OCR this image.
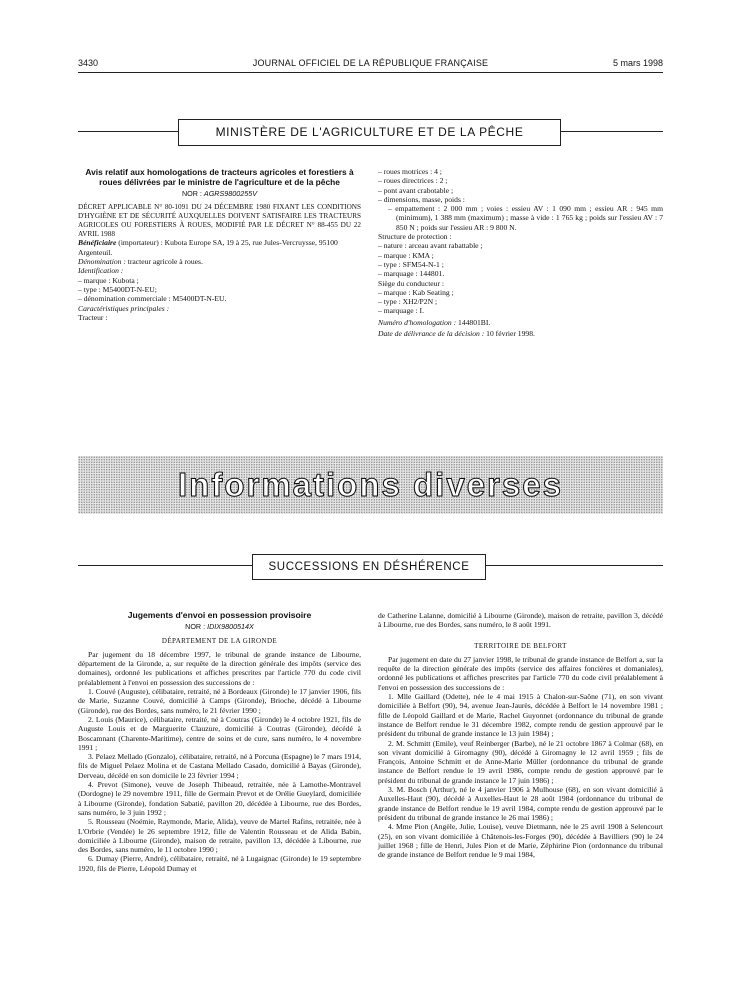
3430	JOURNAL OFFICIEL DE LA RÉPUBLIQUE FRANÇAISE	5 mars 1998
MINISTÈRE DE L'AGRICULTURE ET DE LA PÊCHE
Avis relatif aux homologations de tracteurs agricoles et forestiers à roues délivrées par le ministre de l'agriculture et de la pêche
NOR : AGRS9800255V

DÉCRET APPLICABLE N° 80-1091 DU 24 DÉCEMBRE 1980 FIXANT LES CONDITIONS D'HYGIÈNE ET DE SÉCURITÉ AUXQUELLES DOIVENT SATISFAIRE LES TRACTEURS AGRICOLES OU FORESTIERS À ROUES, MODIFIÉ PAR LE DÉCRET N° 88-455 DU 22 AVRIL 1988

Bénéficiaire (importateur) : Kubota Europe SA, 19 à 25, rue Jules-Vercruysse, 95100 Argenteuil.

Dénomination : tracteur agricole à roues.

Identification :

– marque : Kubota ;

– type : M5400DT-N-EU;

– dénomination commerciale : M5400DT-N-EU.

Caractéristiques principales :

Tracteur :

– roues motrices : 4 ;

– roues directrices : 2 ;

– pont avant crabotable ;

– dimensions, masse, poids :

– empattement : 2 000 mm ; voies : essieu AV : 1 090 mm ; essieu AR : 945 mm (minimum), 1 388 mm (maximum) ; masse à vide : 1 765 kg ; poids sur l'essieu AV : 7 850 N ; poids sur l'essieu AR : 9 800 N.

Structure de protection :

– nature : arceau avant rabattable ;

– marque : KMA ;

– type : SFM54-N-1 ;

– marquage : 144801.

Siège du conducteur :

– marque : Kab Seating ;

– type : XH2/P2N ;

– marquage : I.

Numéro d'homologation : 144801BI.

Date de délivrance de la décision : 10 février 1998.

Informations diverses
SUCCESSIONS EN DÉSHÉRENCE
Jugements d'envoi en possession provisoire
NOR : IDIX9800514X
DÉPARTEMENT DE LA GIRONDE

Par jugement du 18 décembre 1997, le tribunal de grande instance de Libourne, département de la Gironde, a, sur requête de la direction générale des impôts (service des domaines), ordonné les publications et affiches prescrites par l'article 770 du code civil préalablement à l'envoi en possession des successions de :

1. Couvé (Auguste), célibataire, retraité, né à Bordeaux (Gironde) le 17 janvier 1906, fils de Marie, Suzanne Couvé, domicilié à Camps (Gironde), Brioche, décédé à Libourne (Gironde), rue des Bordes, sans numéro, le 21 février 1990 ;

2. Louis (Maurice), célibataire, retraité, né à Coutras (Gironde) le 4 octobre 1921, fils de Auguste Louis et de Marguerite Clauzure, domicilié à Coutras (Gironde), décédé à Boscamnant (Charente-Maritime), centre de soins et de cure, sans numéro, le 4 novembre 1991 ;

3. Pelaez Mellado (Gonzalo), célibataire, retraité, né à Porcuna (Espagne) le 7 mars 1914, fils de Miguel Pelaez Molina et de Castana Mellado Casado, domicilié à Bayas (Gironde), Derveau, décédé en son domicile le 23 février 1994 ;

4. Prevot (Simone), veuve de Joseph Thibeaud, retraitée, née à Lamothe-Montravel (Dordogne) le 29 novembre 1911, fille de Germain Prevot et de Orélie Gueylard, domiciliée à Libourne (Gironde), fondation Sabatié, pavillon 20, décédée à Libourne, rue des Bordes, sans numéro, le 3 juin 1992 ;

5. Rousseau (Noémie, Raymonde, Marie, Alida), veuve de Martel Rafins, retraitée, née à L'Orbrie (Vendée) le 26 septembre 1912, fille de Valentin Rousseau et de Alida Babin, domiciliée à Libourne (Gironde), maison de retraite, pavillon 13, décédée à Libourne, rue des Bordes, sans numéro, le 11 octobre 1990 ;

6. Dumay (Pierre, André), célibataire, retraité, né à Lugaignac (Gironde) le 19 septembre 1920, fils de Pierre, Léopold Dumay et

de Catherine Lalanne, domicilié à Libourne (Gironde), maison de retraite, pavillon 3, décédé à Libourne, rue des Bordes, sans numéro, le 8 août 1991.

TERRITOIRE DE BELFORT

Par jugement en date du 27 janvier 1998, le tribunal de grande instance de Belfort a, sur la requête de la direction générale des impôts (service des affaires foncières et domaniales), ordonné les publications et affiches prescrites par l'article 770 du code civil préalablement à l'envoi en possession des successions de :

1. Mlle Gaillard (Odette), née le 4 mai 1915 à Chalon-sur-Saône (71), en son vivant domiciliée à Belfort (90), 94, avenue Jean-Jaurès, décédée à Belfort le 14 novembre 1981 ; fille de Léopold Gaillard et de Marie, Rachel Guyonnet (ordonnance du tribunal de grande instance de Belfort rendue le 31 décembre 1982, compte rendu de gestion approuvé par le président du tribunal de grande instance le 13 juin 1984) ;

2. M. Schmitt (Emile), veuf Reinberger (Barbe), né le 21 octobre 1867 à Colmar (68), en son vivant domicilié à Giromagny (90), décédé à Giromagny le 12 avril 1959 ; fils de François, Antoine Schmitt et de Anne-Marie Müller (ordonnance du tribunal de grande instance de Belfort rendue le 19 avril 1986, compte rendu de gestion approuvé par le président du tribunal de grande instance le 17 juin 1986) ;

3. M. Bosch (Arthur), né le 4 janvier 1906 à Mulhouse (68), en son vivant domicilié à Auxelles-Haut (90), décédé à Auxelles-Haut le 28 août 1984 (ordonnance du tribunal de grande instance de Belfort rendue le 19 avril 1984, compte rendu de gestion approuvé par le président du tribunal de grande instance le 26 mai 1986) ;

4. Mme Pion (Angèle, Julie, Louise), veuve Dietmann, née le 25 avril 1908 à Selencourt (25), en son vivant domiciliée à Châtenois-les-Forges (90), décédée à Bavilliers (90) le 24 juillet 1968 ; fille de Henri, Jules Pion et de Marie, Zéphirine Pion (ordonnance du tribunal de grande instance de Belfort rendue le 9 mai 1984,
